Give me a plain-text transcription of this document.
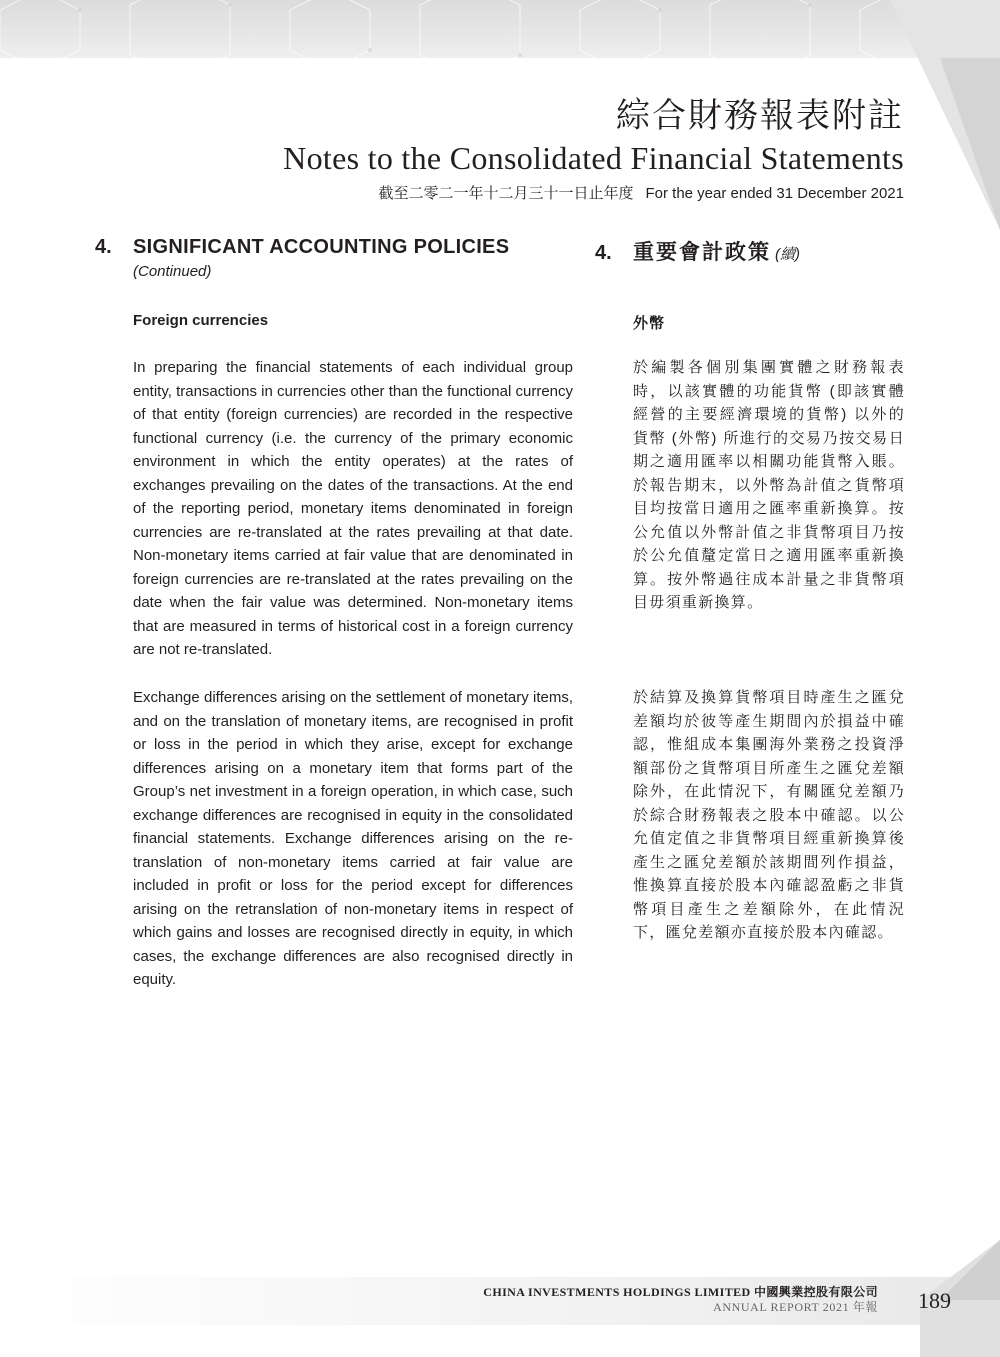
綜合財務報表附註
Notes to the Consolidated Financial Statements
截至二零二一年十二月三十一日止年度 For the year ended 31 December 2021
4.	SIGNIFICANT ACCOUNTING POLICIES
(Continued)
Foreign currencies

In preparing the financial statements of each individual group entity, transactions in currencies other than the functional currency of that entity (foreign currencies) are recorded in the respective functional currency (i.e. the currency of the primary economic environment in which the entity operates) at the rates of exchanges prevailing on the dates of the transactions. At the end of the reporting period, monetary items denominated in foreign currencies are re-translated at the rates prevailing at that date. Non-monetary items carried at fair value that are denominated in foreign currencies are re-translated at the rates prevailing on the date when the fair value was determined. Non-monetary items that are measured in terms of historical cost in a foreign currency are not re-translated.

Exchange differences arising on the settlement of monetary items, and on the translation of monetary items, are recognised in profit or loss in the period in which they arise, except for exchange differences arising on a monetary item that forms part of the Group’s net investment in a foreign operation, in which case, such exchange differences are recognised in equity in the consolidated financial statements. Exchange differences arising on the re-translation of non-monetary items carried at fair value are included in profit or loss for the period except for differences arising on the retranslation of non-monetary items in respect of which gains and losses are recognised directly in equity, in which cases, the exchange differences are also recognised directly in equity.

4.	重要會計政策 (續)
外幣

於編製各個別集團實體之財務報表時，以該實體的功能貨幣 (即該實體經營的主要經濟環境的貨幣) 以外的貨幣 (外幣) 所進行的交易乃按交易日期之適用匯率以相關功能貨幣入賬。於報告期末，以外幣為計值之貨幣項目均按當日適用之匯率重新換算。按公允值以外幣計值之非貨幣項目乃按於公允值釐定當日之適用匯率重新換算。按外幣過往成本計量之非貨幣項目毋須重新換算。

於結算及換算貨幣項目時產生之匯兌差額均於彼等產生期間內於損益中確認，惟組成本集團海外業務之投資淨額部份之貨幣項目所產生之匯兌差額除外，在此情況下，有關匯兌差額乃於綜合財務報表之股本中確認。以公允值定值之非貨幣項目經重新換算後產生之匯兌差額於該期間列作損益，惟換算直接於股本內確認盈虧之非貨幣項目產生之差額除外，在此情況下，匯兌差額亦直接於股本內確認。

CHINA INVESTMENTS HOLDINGS LIMITED 中國興業控股有限公司
ANNUAL REPORT 2021 年報 189
